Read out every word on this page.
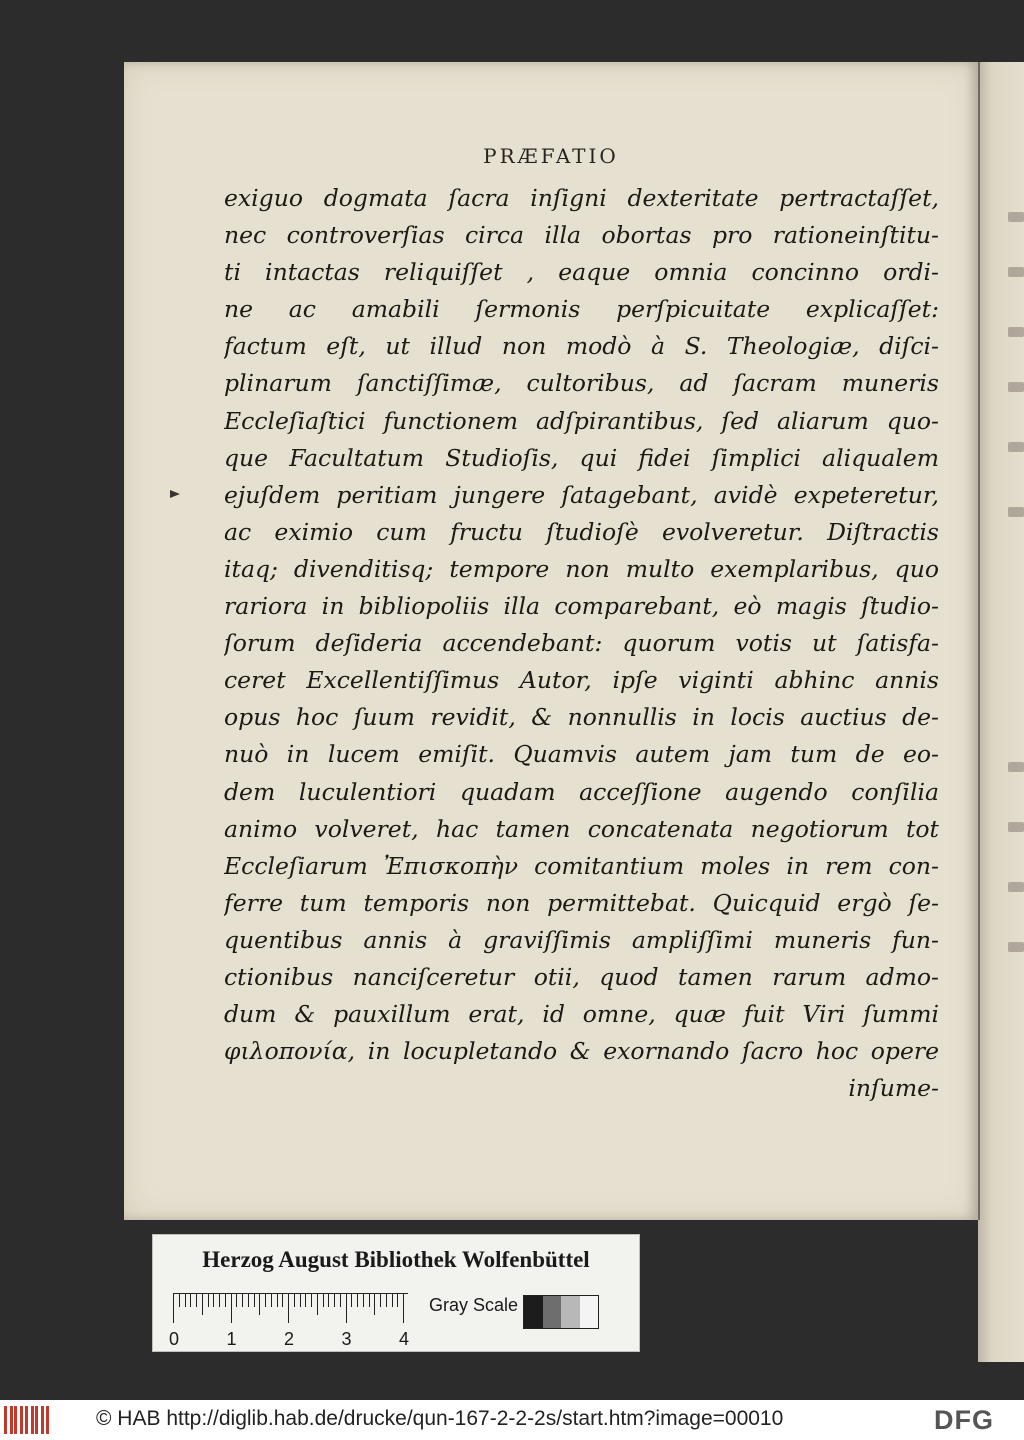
PRÆFATIO
exiguo dogmata ſacra inſigni dexteritate pertractaſſet,
nec controverſias circa illa obortas pro rationeinſtitu-
ti intactas reliquiſſet , eaque omnia concinno ordi-
ne ac amabili ſermonis perſpicuitate explicaſſet:
factum eſt, ut illud non modò à S. Theologiæ, diſci-
plinarum ſanctiſſimæ, cultoribus, ad ſacram muneris
Eccleſiaſtici functionem adſpirantibus, ſed aliarum quo-
que Facultatum Studioſis, qui fidei ſimplici aliqualem
ejuſdem peritiam jungere ſatagebant, avidè expeteretur,
ac eximio cum fructu ſtudioſè evolveretur. Diſtractis
itaq; divenditisq; tempore non multo exemplaribus, quo
rariora in bibliopoliis illa comparebant, eò magis ſtudio-
ſorum deſideria accendebant: quorum votis ut ſatisfa-
ceret Excellentiſſimus Autor, ipſe viginti abhinc annis
opus hoc ſuum revidit, & nonnullis in locis auctius de-
nuò in lucem emiſit. Quamvis autem jam tum de eo-
dem luculentiori quadam acceſſione augendo conſilia
animo volveret, hac tamen concatenata negotiorum tot
Eccleſiarum Ἐπισκοπὴν comitantium moles in rem con-
ferre tum temporis non permittebat. Quicquid ergò ſe-
quentibus annis à graviſſimis ampliſſimi muneris fun-
ctionibus nanciſceretur otii, quod tamen rarum admo-
dum & pauxillum erat, id omne, quæ fuit Viri ſummi
φιλοπονία, in locupletando & exornando ſacro hoc opere
inſume-
Herzog August Bibliothek Wolfenbüttel
0	1	2	3	4
Gray Scale
© HAB http://diglib.hab.de/drucke/qun-167-2-2-2s/start.htm?image=00010	DFG
